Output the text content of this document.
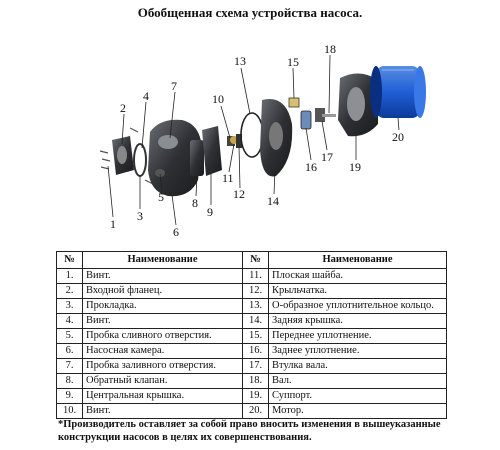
Обобщенная схема устройства насоса.
1
2
3
4
5
6
7
8
9
10
11
12
13
14
15
16
17
18
19
20
№	Наименование	№	Наименование
1.	Винт.	11.	Плоская шайба.
2.	Входной фланец.	12.	Крыльчатка.
3.	Прокладка.	13.	О-образное уплотнительное кольцо.
4.	Винт.	14.	Задняя крышка.
5.	Пробка сливного отверстия.	15.	Переднее уплотнение.
6.	Насосная камера.	16.	Заднее уплотнение.
7.	Пробка заливного отверстия.	17.	Втулка вала.
8.	Обратный клапан.	18.	Вал.
9.	Центральная крышка.	19.	Суппорт.
10.	Винт.	20.	Мотор.
*Производитель оставляет за собой право вносить изменения в вышеуказанные конструкции насосов в целях их совершенствования.
